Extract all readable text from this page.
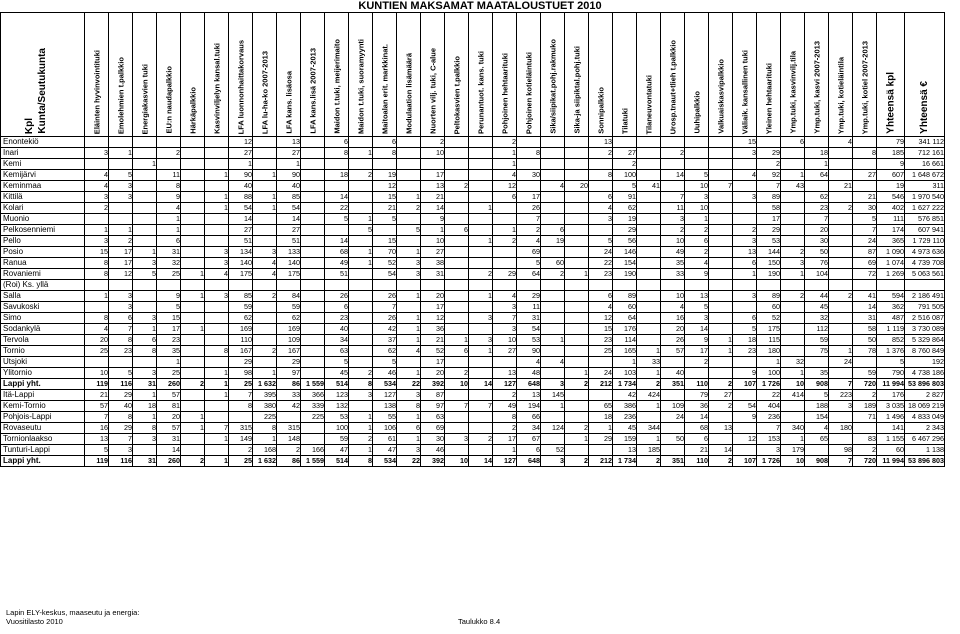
KUNTIEN MAKSAMAT MAATALOUSTUET 2010
Kpl Kunta/Seutukunta	Eläinten hyvinvointituki	Emolehmien t.palkkio	Energiakasvien tuki	EU:n naudapalkkio	Härkäpalkkio	Kasvinviljelyn kansal.tuki	LFA luonnonhaittakorvaus	LFA lu-ha-ko 2007-2013	LFA kans. lisäosa	LFA kans.lisä 2007-2013	Maidon t.tuki, meijerimaito	Maidon t.tuki, suoramyynti	Maitoalan erit. markkinat.	Modulaation lisämäärä	Nuorten vilj. tuki, C-alue	Peltokasvien t.palkkio	Perunantuot. kans. tuki	Pohjoinen hehtaarituki	Pohjoinen kotieläintuki	Sika/siipikat.pohj.rakmuko	Sika-ja siipiktal.pohj.tuki	Sonnipalkkio	Tilatuki	Tilaneuvontatuki	Urosp.tnaut+tlieh t.palkkio	Uuhipalkkio	Valkuaiskasvipalkkio	Väliaik. kansallinen tuki	Yleinen hehtaarituki	Ymp.tuki, kasvinvilj.tila	Ymp.tuki, kasvi 2007-2013	Ymp.tuki, kotieläintila	Ymp.tuki, kotiel 2007-2013	Yhteensä kpl	Yhteensä €	

Enontekiö							12		13		6		6		2			2				13						15		6		4		79	341 112	
Inari	3	1		2			27		27		8	1	8		10			1	8			2	27		2			3	29		18		8	185	712 161	
Kemi			1				1		1									1					2						2		1			9	16 661	
Kemijärvi	4	5		11		1	90	1	90		18	2	19		17			4	30			8	100		14	5		4	92	1	64		27	607	1 648 672	
Keminmaa	4	3		8			40		40				12		13	2		12		4	20		5	41		10	7		7	43		21		19	311	
Kittilä	3	3		9		1	88	1	85		14		15	1	21			6	17			6	91		7	3		3	89		62		21	546	1 970 540	
Kolari	2			4		1	54	1	54		22		21	2	14		1		26			4	62		11	10			58		23	2	30	402	1 627 222	
Muonio				1			14		14		5	1	5		9				7			3	19		3	1			17		7		5	111	576 851	
Pelkosenniemi	1	1		1			27		27			5		5	1	6		1	2	6			29		2	2		2	29		20		7	174	607 941	
Pello	3	2		6			51		51		14		15		10		1	2	4	19		5	56		10	6		3	53		30		24	365	1 729 110	
Posio	15	17	1	31		3	134	3	133		68	1	70	1	27				69			24	146		49	2		13	144	2	50		87	1 090	4 973 636	
Ranua	8	17	3	32		3	140	4	140		49	1	52	3	38				5	60		22	154		35	4		6	150	3	76		69	1 074	4 739 708	
Rovaniemi	8	12	5	25	1	4	175	4	175		51		54	3	31		2	29	64	2	1	23	190		33	9		1	190	1	104		72	1 269	5 063 561	
(Roi) Ks. yllä																																				
Salla	1	3		9	1	3	85	2	84		26		26	1	20		1	4	29			6	89		10	13		3	89	2	44	2	41	594	2 186 491	
Savukoski		3		5			59		59		6		7		17			3	11			4	60		4	5			60		45		14	362	791 505	
Simo	8	6	3	15			62		62		23		26	1	12		3	7	31			12	64		16	3		6	52		32		31	487	2 516 087	
Sodankylä	4	7	1	17	1		169		169		40		42	1	36			3	54			15	176		20	14		5	175		112		58	1 119	3 730 089	
Tervola	20	8	6	23			110		109		34		37	1	21	1	3	10	53	1		23	114		26	9	1	18	115		59		50	852	5 329 864	
Tornio	25	23	8	35		8	167	2	167		63		62	4	52	6	1	27	90			25	165	1	57	17	1	23	180		75	1	78	1 376	8 760 849	
Utsjoki				1			29		29		5		5		17				4	4			1	33		2			1	32		24		5	192	
Ylitornio	10	5	3	25		1	98	1	97		45	2	46	1	20	2		13	48		1	24	103	1	40			9	100	1	35		59	790	4 738 186	
Lappi yht.	119	116	31	260	2	1	25	1 632	86	1 559	514	8	534	22	392	10	14	127	648	3	2	212	1 734	2	351	110	2	107	1 726	10	908	7	720	11 994	53 896 803	
Itä-Lappi	21	29	1	57		1	7	395	33	366	123	3	127	3	87			2	13	145			42	424		79	27		22	414	5	223	2	176	2 827	
Kemi-Tornio	57	40	18	81			8	380	42	339	132		138	8	97	7	7	49	194	1		65	386	1	109	36	2	54	404		188	3	189	3 035	18 069 219	
Pohjois-Lappi	7	8	1	20	1			225		225	53	1	55	1	63			8	66			18	236		24	14		9	236		154		71	1 496	4 833 049	
Rovaseutu	16	29	8	57	1	7	315	8	315		100	1	106	6	69			2	34	124	2	1	45	344		68	13		7	340	4	180		141	2 343	
Tornionlaakso	13	7	3	31		1	149	1	148		59	2	61	1	30	3	2	17	67		1	29	159	1	50	6		12	153	1	65		83	1 155	6 467 296	
Tunturi-Lappi	5	3		14			2	168	2	166	47	1	47	3	46			1	6	52			13	185		21	14		3	179		98	2	60	1 138	
Lappi yht.	119	116	31	260	2	1	25	1 632	86	1 559	514	8	534	22	392	10	14	127	648	3	2	212	1 734	2	351	110	2	107	1 726	10	908	7	720	11 994	53 896 803	
Lapin ELY-keskus, maaseutu ja energia:
Vuositilasto 2010	Taulukko 8.4
